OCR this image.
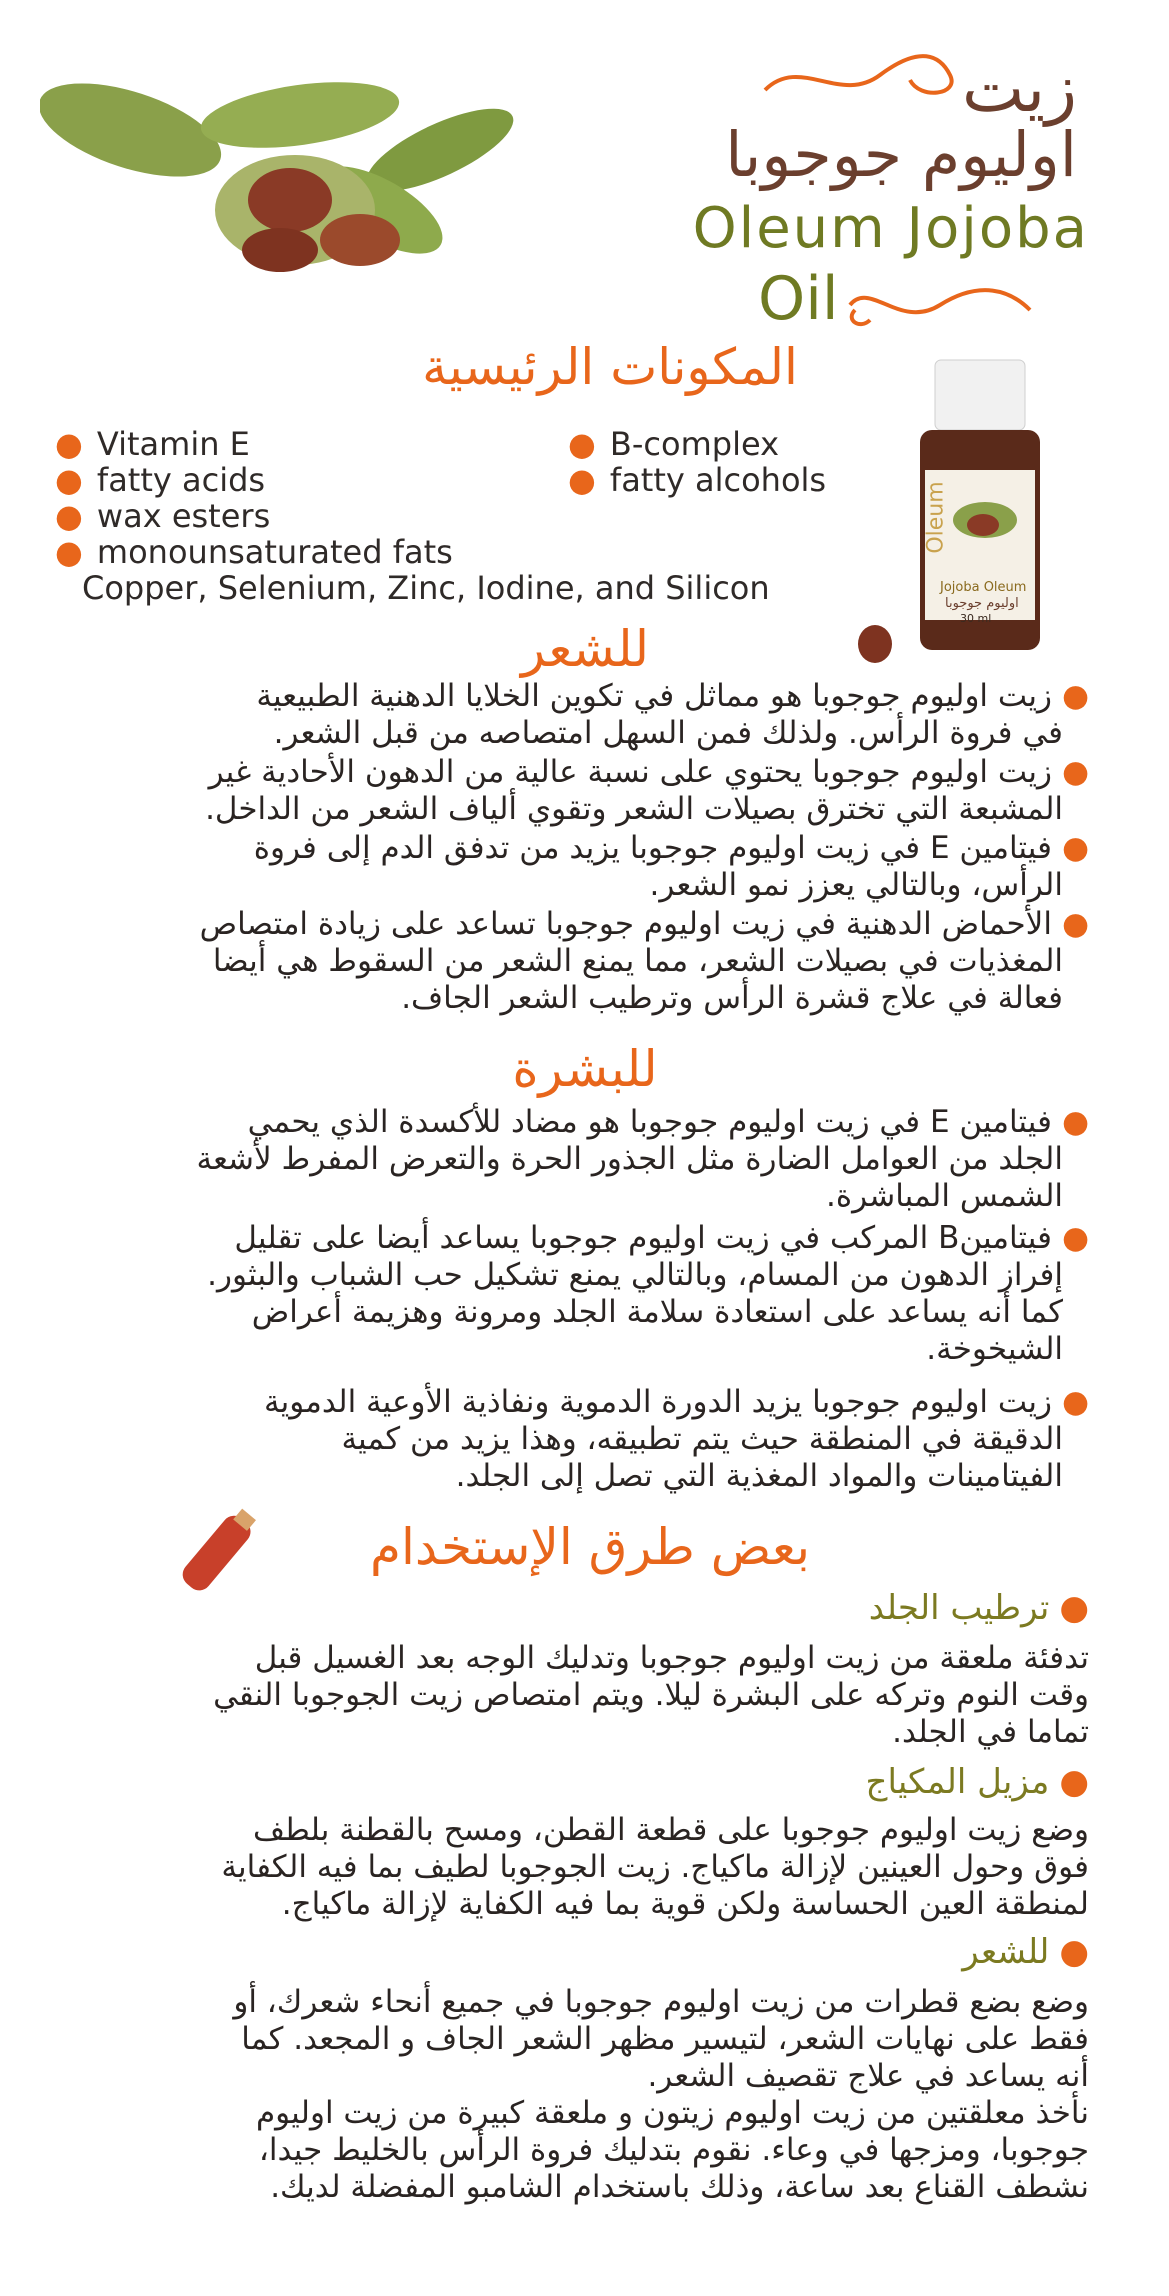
زيت
اوليوم جوجوبا
Oleum Jojoba
Oil
المكونات الرئيسية
Oleum
Jojoba Oleum
اوليوم جوجوبا
30 ml
● Vitamin E
● fatty acids
● wax esters
● monounsaturated fats
Copper, Selenium, Zinc, Iodine, and Silicon
● B-complex
● fatty alcohols
للشعر
●زيت اوليوم جوجوبا هو مماثل في تكوين الخلايا الدهنية الطبيعية
في فروة الرأس. ولذلك فمن السهل امتصاصه من قبل الشعر.
●زيت اوليوم جوجوبا يحتوي على نسبة عالية من الدهون الأحادية غير
المشبعة التي تخترق بصيلات الشعر وتقوي ألياف الشعر من الداخل.
●فيتامين E في زيت اوليوم جوجوبا يزيد من تدفق الدم إلى فروة
الرأس، وبالتالي يعزز نمو الشعر.
●الأحماض الدهنية في زيت اوليوم جوجوبا تساعد على زيادة امتصاص
المغذيات في بصيلات الشعر، مما يمنع الشعر من السقوط هي أيضا
فعالة في علاج قشرة الرأس وترطيب الشعر الجاف.
للبشرة
●فيتامين E في زيت اوليوم جوجوبا هو مضاد للأكسدة الذي يحمي
الجلد من العوامل الضارة مثل الجذور الحرة والتعرض المفرط لأشعة
الشمس المباشرة.
●فيتامينB المركب في زيت اوليوم جوجوبا يساعد أيضا على تقليل
إفراز الدهون من المسام، وبالتالي يمنع تشكيل حب الشباب والبثور.
كما أنه يساعد على استعادة سلامة الجلد ومرونة وهزيمة أعراض
الشيخوخة.
●زيت اوليوم جوجوبا يزيد الدورة الدموية ونفاذية الأوعية الدموية
الدقيقة في المنطقة حيث يتم تطبيقه، وهذا يزيد من كمية
الفيتامينات والمواد المغذية التي تصل إلى الجلد.
بعض طرق الإستخدام
●ترطيب الجلد
تدفئة ملعقة من زيت اوليوم جوجوبا وتدليك الوجه بعد الغسيل قبل
وقت النوم وتركه على البشرة ليلا. ويتم امتصاص زيت الجوجوبا النقي
تماما في الجلد.
●مزيل المكياج
وضع زيت اوليوم جوجوبا على قطعة القطن، ومسح بالقطنة بلطف
فوق وحول العينين لإزالة ماكياج. زيت الجوجوبا لطيف بما فيه الكفاية
لمنطقة العين الحساسة ولكن قوية بما فيه الكفاية لإزالة ماكياج.
●للشعر
وضع بضع قطرات من زيت اوليوم جوجوبا في جميع أنحاء شعرك، أو
فقط على نهايات الشعر، لتيسير مظهر الشعر الجاف و المجعد. كما
أنه يساعد في علاج تقصيف الشعر.
نأخذ معلقتين من زيت اوليوم زيتون و ملعقة كبيرة من زيت اوليوم
جوجوبا، ومزجها في وعاء. نقوم بتدليك فروة الرأس بالخليط جيدا،
نشطف القناع بعد ساعة، وذلك باستخدام الشامبو المفضلة لديك.
